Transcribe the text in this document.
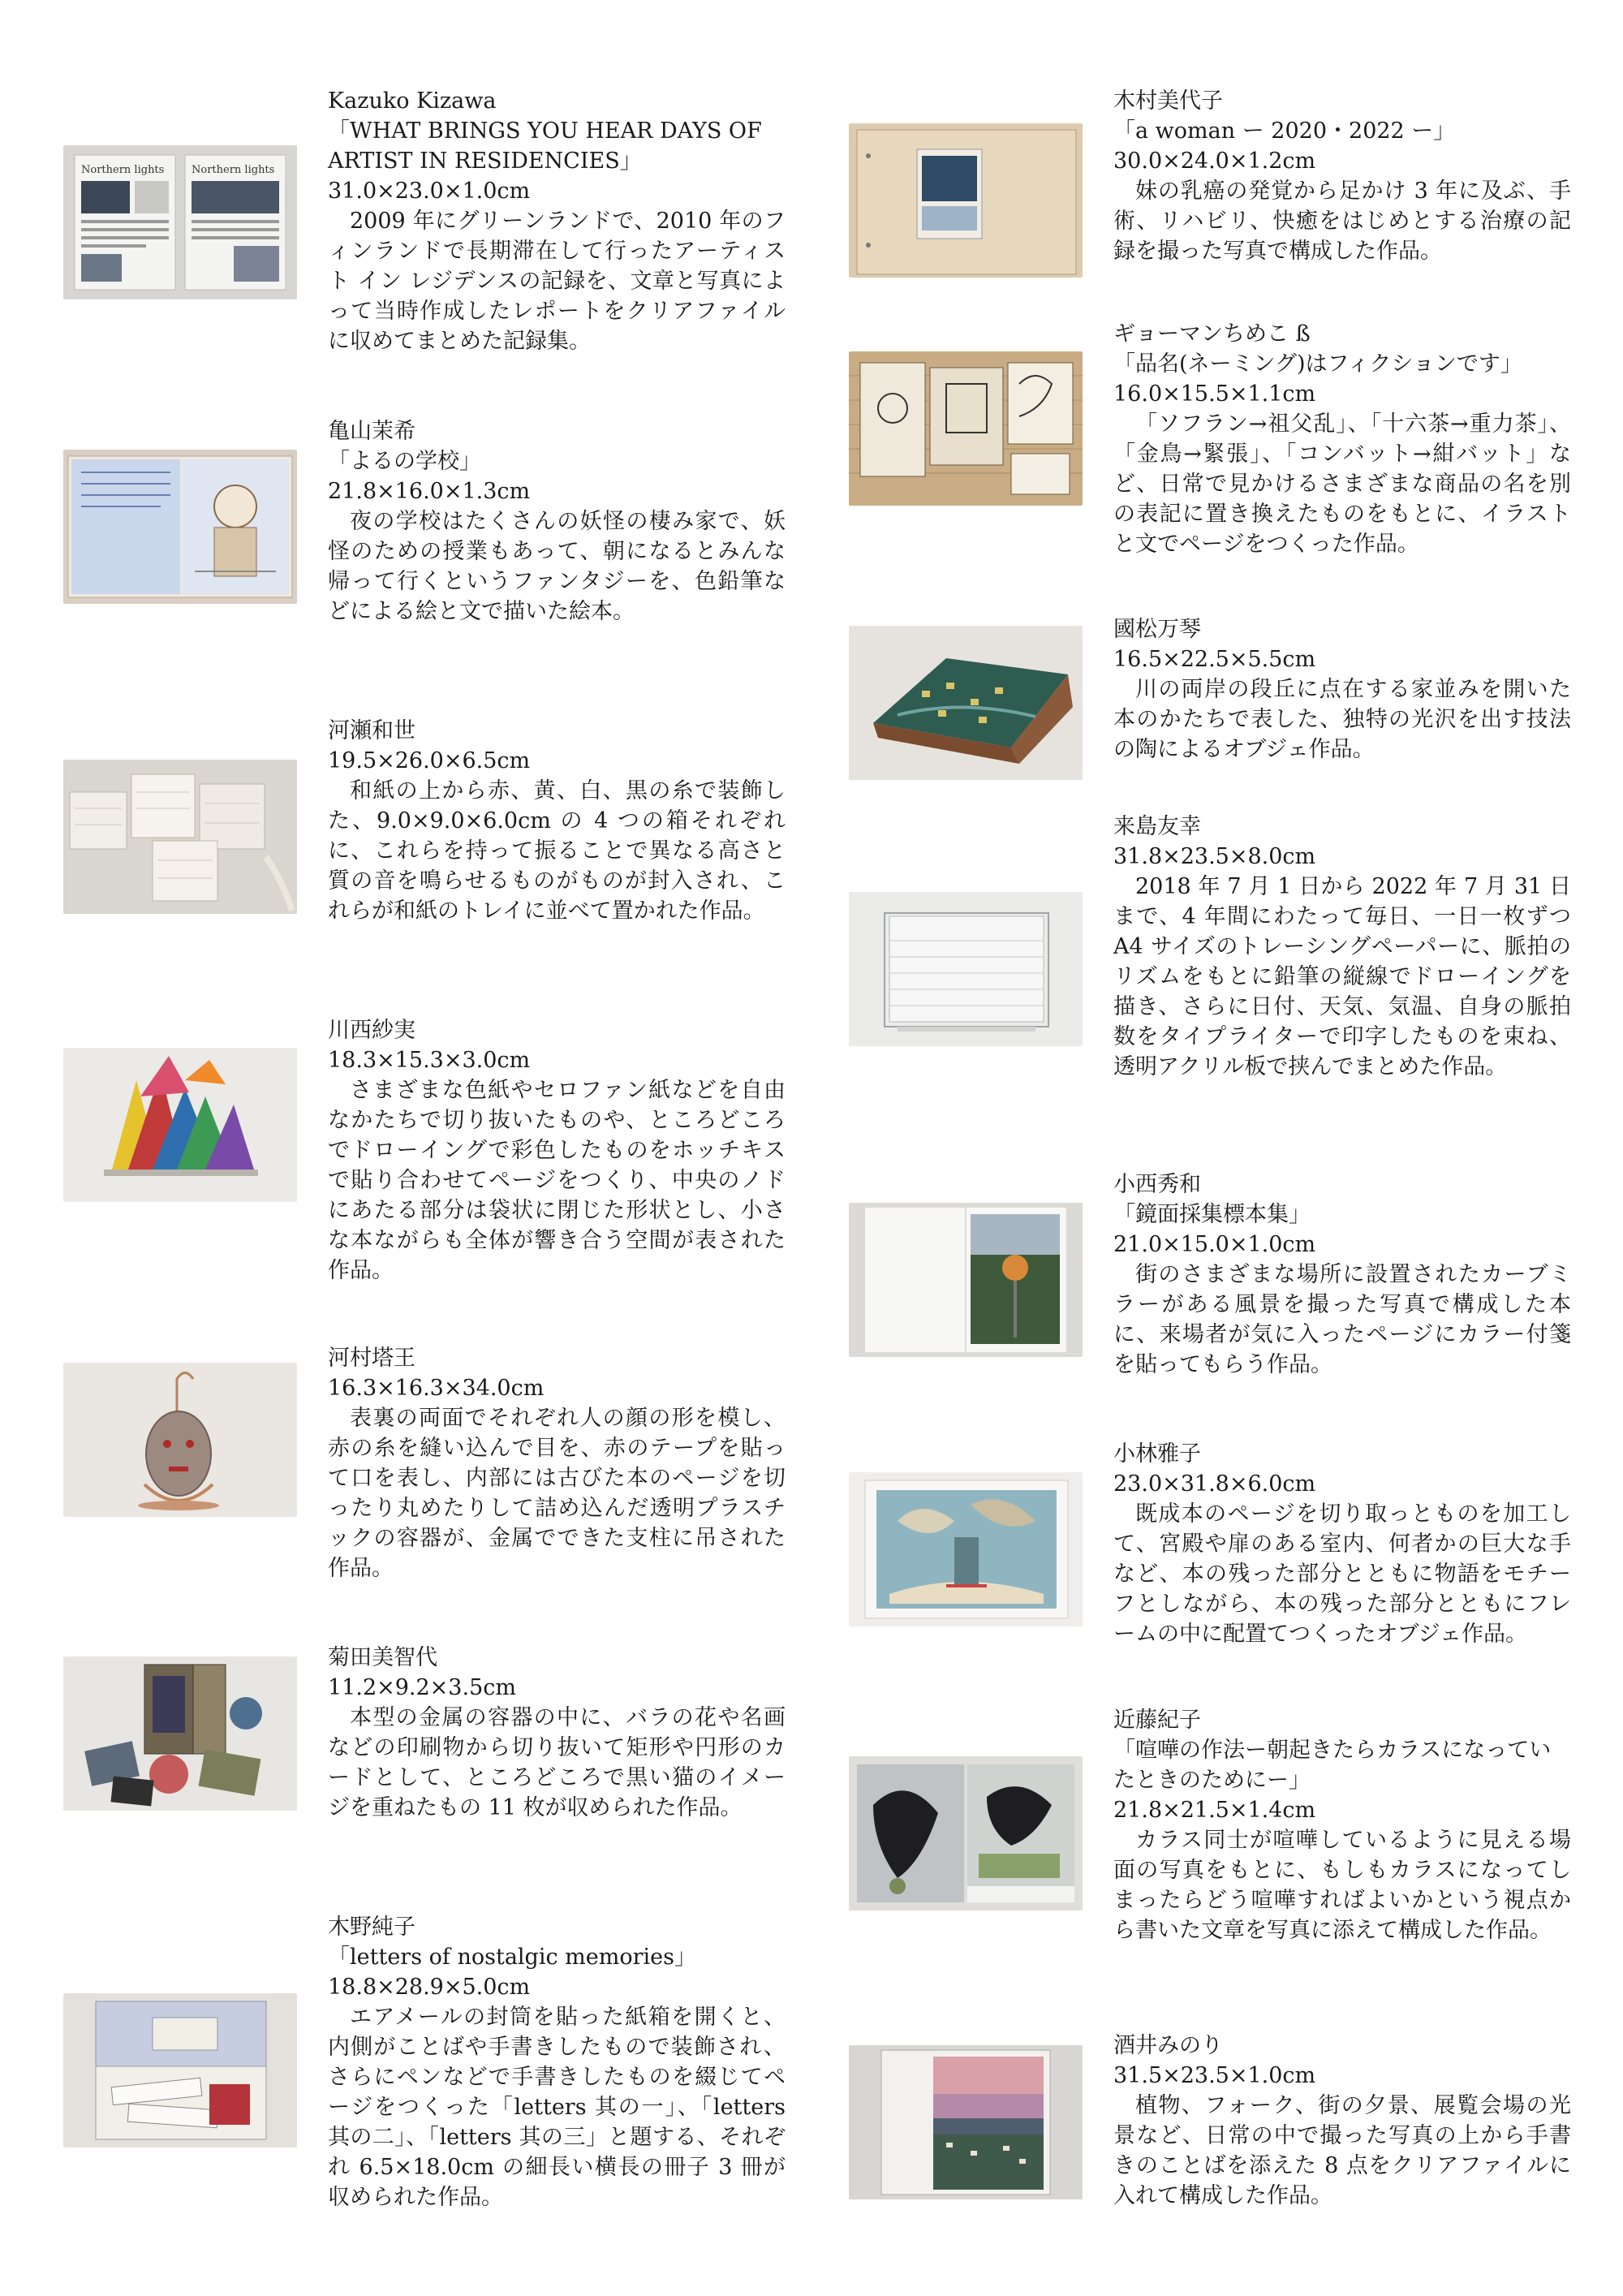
Northern lights	Northern lights

Kazuko Kizawa

「WHAT BRINGS YOU HEAR DAYS OF ARTIST IN RESIDENCIES」

31.0×23.0×1.0cm

2009 年にグリーンランドで、2010 年のフィンランドで長期滞在して行ったアーティスト イン レジデンスの記録を、文章と写真によって当時作成したレポートをクリアファイルに収めてまとめた記録集。

亀山茉希

「よるの学校」

21.8×16.0×1.3cm

夜の学校はたくさんの妖怪の棲み家で、妖怪のための授業もあって、朝になるとみんな帰って行くというファンタジーを、色鉛筆などによる絵と文で描いた絵本。

河瀬和世

19.5×26.0×6.5cm

和紙の上から赤、黄、白、黒の糸で装飾した、9.0×9.0×6.0cm の 4 つの箱それぞれに、これらを持って振ることで異なる高さと質の音を鳴らせるものがものが封入され、これらが和紙のトレイに並べて置かれた作品。

川西紗実

18.3×15.3×3.0cm

さまざまな色紙やセロファン紙などを自由なかたちで切り抜いたものや、ところどころでドローイングで彩色したものをホッチキスで貼り合わせてページをつくり、中央のノドにあたる部分は袋状に閉じた形状とし、小さな本ながらも全体が響き合う空間が表された作品。

河村塔王

16.3×16.3×34.0cm

表裏の両面でそれぞれ人の顔の形を模し、赤の糸を縫い込んで目を、赤のテープを貼って口を表し、内部には古びた本のページを切ったり丸めたりして詰め込んだ透明プラスチックの容器が、金属でできた支柱に吊された作品。

菊田美智代

11.2×9.2×3.5cm

本型の金属の容器の中に、バラの花や名画などの印刷物から切り抜いて矩形や円形のカードとして、ところどころで黒い猫のイメージを重ねたもの 11 枚が収められた作品。

木野純子

「letters of nostalgic memories」

18.8×28.9×5.0cm

エアメールの封筒を貼った紙箱を開くと、内側がことばや手書きしたもので装飾され、さらにペンなどで手書きしたものを綴じてページをつくった「letters 其の一」、「letters 其の二」、「letters 其の三」と題する、それぞれ 6.5×18.0cm の細長い横長の冊子 3 冊が収められた作品。

木村美代子

「a woman ー 2020・2022 ー」

30.0×24.0×1.2cm

妹の乳癌の発覚から足かけ 3 年に及ぶ、手術、リハビリ、快癒をはじめとする治療の記録を撮った写真で構成した作品。

ギョーマンちめこ ß

「品名(ネーミング)はフィクションです」

16.0×15.5×1.1cm

「ソフラン→祖父乱」、「十六茶→重力茶」、「金鳥→緊張」、「コンバット→紺バット」など、日常で見かけるさまざまな商品の名を別の表記に置き換えたものをもとに、イラストと文でページをつくった作品。

國松万琴

16.5×22.5×5.5cm

川の両岸の段丘に点在する家並みを開いた本のかたちで表した、独特の光沢を出す技法の陶によるオブジェ作品。

来島友幸

31.8×23.5×8.0cm

2018 年 7 月 1 日から 2022 年 7 月 31 日まで、4 年間にわたって毎日、一日一枚ずつ A4 サイズのトレーシングペーパーに、脈拍のリズムをもとに鉛筆の縦線でドローイングを描き、さらに日付、天気、気温、自身の脈拍数をタイプライターで印字したものを束ね、透明アクリル板で挟んでまとめた作品。

小西秀和

「鏡面採集標本集」

21.0×15.0×1.0cm

街のさまざまな場所に設置されたカーブミラーがある風景を撮った写真で構成した本に、来場者が気に入ったページにカラー付箋を貼ってもらう作品。

小林雅子

23.0×31.8×6.0cm

既成本のページを切り取っとものを加工して、宮殿や扉のある室内、何者かの巨大な手など、本の残った部分とともに物語をモチーフとしながら、本の残った部分とともにフレームの中に配置てつくったオブジェ作品。

近藤紀子

「喧嘩の作法ー朝起きたらカラスになっていたときのためにー」

21.8×21.5×1.4cm

カラス同士が喧嘩しているように見える場面の写真をもとに、もしもカラスになってしまったらどう喧嘩すればよいかという視点から書いた文章を写真に添えて構成した作品。

酒井みのり

31.5×23.5×1.0cm

植物、フォーク、街の夕景、展覧会場の光景など、日常の中で撮った写真の上から手書きのことばを添えた 8 点をクリアファイルに入れて構成した作品。
